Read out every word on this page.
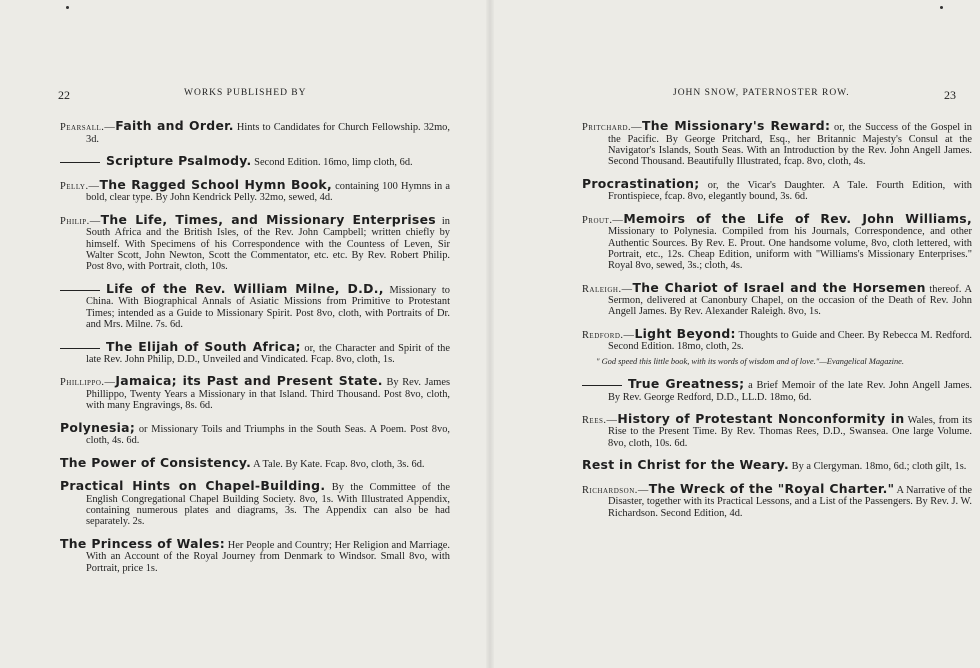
22	WORKS PUBLISHED BY

Pearsall.—Faith and Order. Hints to Candidates for Church Fellowship. 32mo, 3d.

Scripture Psalmody. Second Edition. 16mo, limp cloth, 6d.

Pelly.—The Ragged School Hymn Book, containing 100 Hymns in a bold, clear type. By John Kendrick Pelly. 32mo, sewed, 4d.

Philip.—The Life, Times, and Missionary Enterprises in South Africa and the British Isles, of the Rev. John Campbell; written chiefly by himself. With Specimens of his Correspondence with the Countess of Leven, Sir Walter Scott, John Newton, Scott the Commentator, etc. etc. By Rev. Robert Philip. Post 8vo, with Portrait, cloth, 10s.

Life of the Rev. William Milne, D.D., Missionary to China. With Biographical Annals of Asiatic Missions from Primitive to Protestant Times; intended as a Guide to Missionary Spirit. Post 8vo, cloth, with Portraits of Dr. and Mrs. Milne. 7s. 6d.

The Elijah of South Africa; or, the Character and Spirit of the late Rev. John Philip, D.D., Unveiled and Vindicated. Fcap. 8vo, cloth, 1s.

Phillippo.—Jamaica; its Past and Present State. By Rev. James Phillippo, Twenty Years a Missionary in that Island. Third Thousand. Post 8vo, cloth, with many Engravings, 8s. 6d.

Polynesia; or Missionary Toils and Triumphs in the South Seas. A Poem. Post 8vo, cloth, 4s. 6d.

The Power of Consistency. A Tale. By Kate. Fcap. 8vo, cloth, 3s. 6d.

Practical Hints on Chapel-Building. By the Committee of the English Congregational Chapel Building Society. 8vo, 1s. With Illustrated Appendix, containing numerous plates and diagrams, 3s. The Appendix can also be had separately. 2s.

The Princess of Wales: Her People and Country; Her Religion and Marriage. With an Account of the Royal Journey from Denmark to Windsor. Small 8vo, with Portrait, price 1s.

JOHN SNOW, PATERNOSTER ROW.	23

Pritchard.—The Missionary's Reward: or, the Success of the Gospel in the Pacific. By George Pritchard, Esq., her Britannic Majesty's Consul at the Navigator's Islands, South Seas. With an Introduction by the Rev. John Angell James. Second Thousand. Beautifully Illustrated, fcap. 8vo, cloth, 4s.

Procrastination; or, the Vicar's Daughter. A Tale. Fourth Edition, with Frontispiece, fcap. 8vo, elegantly bound, 3s. 6d.

Prout.—Memoirs of the Life of Rev. John Williams, Missionary to Polynesia. Compiled from his Journals, Correspondence, and other Authentic Sources. By Rev. E. Prout. One handsome volume, 8vo, cloth lettered, with Portrait, etc., 12s. Cheap Edition, uniform with "Williams's Missionary Enterprises." Royal 8vo, sewed, 3s.; cloth, 4s.

Raleigh.—The Chariot of Israel and the Horsemen thereof. A Sermon, delivered at Canonbury Chapel, on the occasion of the Death of Rev. John Angell James. By Rev. Alexander Raleigh. 8vo, 1s.

Redford.—Light Beyond: Thoughts to Guide and Cheer. By Rebecca M. Redford. Second Edition. 18mo, cloth, 2s.

" God speed this little book, with its words of wisdom and of love."—Evangelical Magazine.

True Greatness; a Brief Memoir of the late Rev. John Angell James. By Rev. George Redford, D.D., LL.D. 18mo, 6d.

Rees.—History of Protestant Nonconformity in Wales, from its Rise to the Present Time. By Rev. Thomas Rees, D.D., Swansea. One large Volume. 8vo, cloth, 10s. 6d.

Rest in Christ for the Weary. By a Clergyman. 18mo, 6d.; cloth gilt, 1s.

Richardson.—The Wreck of the "Royal Charter." A Narrative of the Disaster, together with its Practical Lessons, and a List of the Passengers. By Rev. J. W. Richardson. Second Edition, 4d.
